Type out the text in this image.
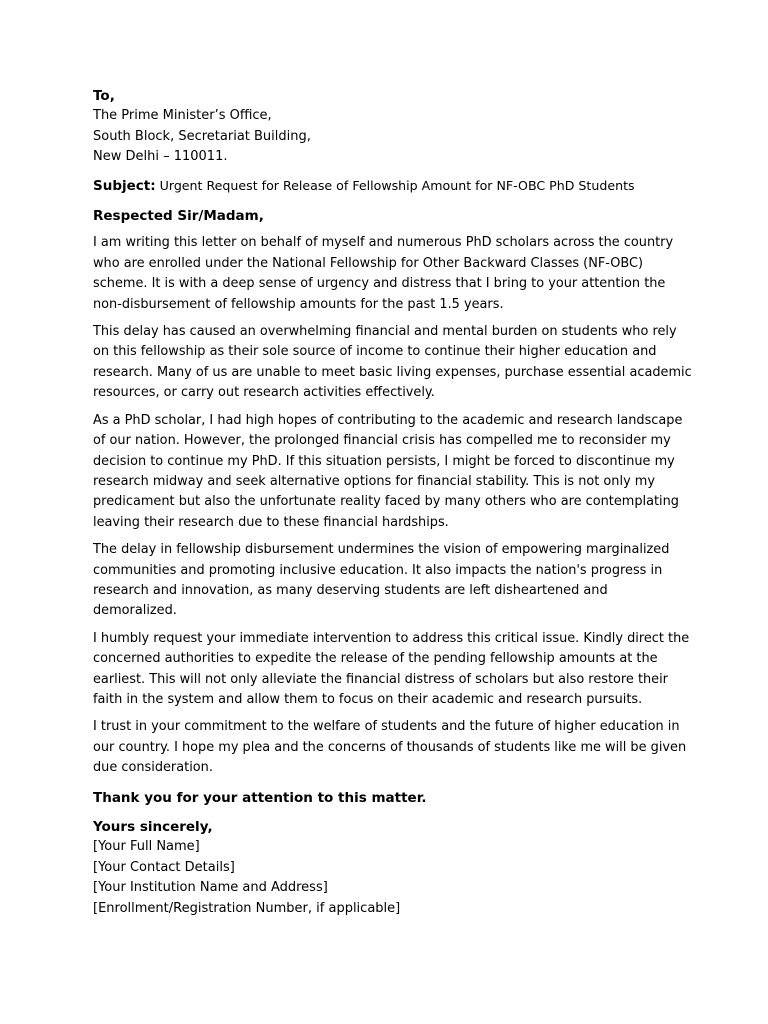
To,
The Prime Minister’s Office,
South Block, Secretariat Building,
New Delhi – 110011.
Subject: Urgent Request for Release of Fellowship Amount for NF-OBC PhD Students
Respected Sir/Madam,

I am writing this letter on behalf of myself and numerous PhD scholars across the country who are enrolled under the National Fellowship for Other Backward Classes (NF-OBC) scheme. It is with a deep sense of urgency and distress that I bring to your attention the non-disbursement of fellowship amounts for the past 1.5 years.

This delay has caused an overwhelming financial and mental burden on students who rely on this fellowship as their sole source of income to continue their higher education and research. Many of us are unable to meet basic living expenses, purchase essential academic resources, or carry out research activities effectively.

As a PhD scholar, I had high hopes of contributing to the academic and research landscape of our nation. However, the prolonged financial crisis has compelled me to reconsider my decision to continue my PhD. If this situation persists, I might be forced to discontinue my research midway and seek alternative options for financial stability. This is not only my predicament but also the unfortunate reality faced by many others who are contemplating leaving their research due to these financial hardships.

The delay in fellowship disbursement undermines the vision of empowering marginalized communities and promoting inclusive education. It also impacts the nation's progress in research and innovation, as many deserving students are left disheartened and demoralized.

I humbly request your immediate intervention to address this critical issue. Kindly direct the concerned authorities to expedite the release of the pending fellowship amounts at the earliest. This will not only alleviate the financial distress of scholars but also restore their faith in the system and allow them to focus on their academic and research pursuits.

I trust in your commitment to the welfare of students and the future of higher education in our country. I hope my plea and the concerns of thousands of students like me will be given due consideration.

Thank you for your attention to this matter.
Yours sincerely,
[Your Full Name]
[Your Contact Details]
[Your Institution Name and Address]
[Enrollment/Registration Number, if applicable]
